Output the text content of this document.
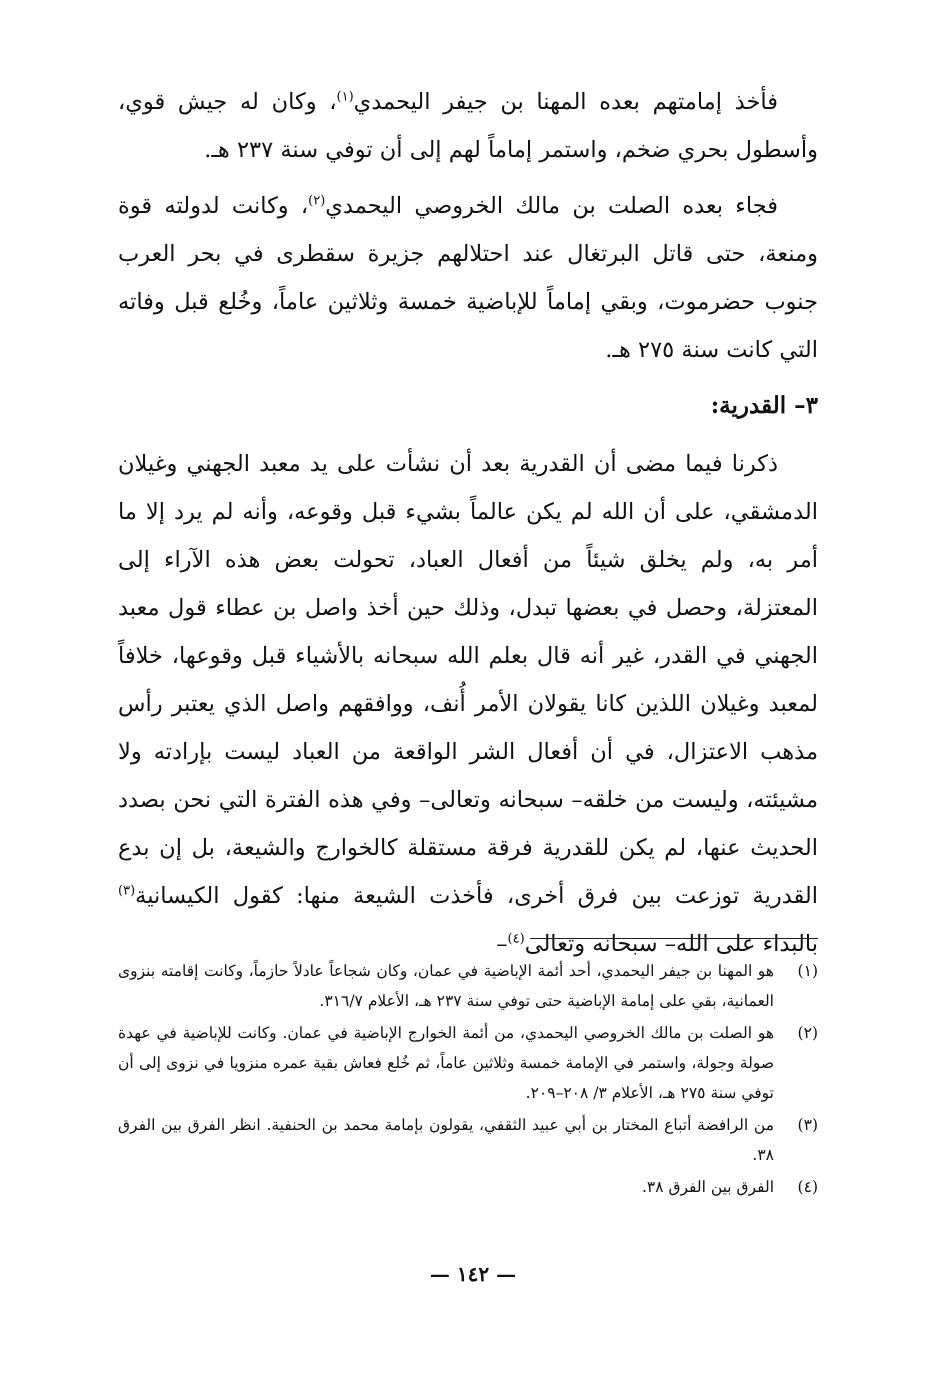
فأخذ إمامتهم بعده المهنا بن جيفر اليحمدي$^{(١)}$، وكان له جيش قوي، وأسطول بحري ضخم، واستمر إماماً لهم إلى أن توفي سنة ٢٣٧ هـ.

فجاء بعده الصلت بن مالك الخروصي اليحمدي$^{(٢)}$، وكانت لدولته قوة ومنعة، حتى قاتل البرتغال عند احتلالهم جزيرة سقطرى في بحر العرب جنوب حضرموت، وبقي إماماً للإباضية خمسة وثلاثين عاماً، وخُلع قبل وفاته التي كانت سنة ٢٧٥ هـ.

٣– القدرية:

ذكرنا فيما مضى أن القدرية بعد أن نشأت على يد معبد الجهني وغيلان الدمشقي، على أن الله لم يكن عالماً بشيء قبل وقوعه، وأنه لم يرد إلا ما أمر به، ولم يخلق شيئاً من أفعال العباد، تحولت بعض هذه الآراء إلى المعتزلة، وحصل في بعضها تبدل، وذلك حين أخذ واصل بن عطاء قول معبد الجهني في القدر، غير أنه قال بعلم الله سبحانه بالأشياء قبل وقوعها، خلافاً لمعبد وغيلان اللذين كانا يقولان الأمر أُنف، ووافقهم واصل الذي يعتبر رأس مذهب الاعتزال، في أن أفعال الشر الواقعة من العباد ليست بإرادته ولا مشيئته، وليست من خلقه– سبحانه وتعالى– وفي هذه الفترة التي نحن بصدد الحديث عنها، لم يكن للقدرية فرقة مستقلة كالخوارج والشيعة، بل إن بدع القدرية توزعت بين فرق أخرى، فأخذت الشيعة منها: كقول الكيسانية$^{(٣)}$ بالبداء على الله– سبحانه وتعالى$^{(٤)}$–

(١)
هو المهنا بن جيفر اليحمدي، أحد أئمة الإباضية في عمان، وكان شجاعاً عادلاً حازماً، وكانت إقامته بنزوى العمانية، بقي على إمامة الإباضية حتى توفي سنة ٢٣٧ هـ، الأعلام ٣١٦/٧.
(٢)
هو الصلت بن مالك الخروصي اليحمدي، من أئمة الخوارج الإباضية في عمان. وكانت للإباضية في عهدة صولة وجولة، واستمر في الإمامة خمسة وثلاثين عاماً، ثم خُلع فعاش بقية عمره منزويا في نزوى إلى أن توفي سنة ٢٧٥ هـ، الأعلام ٣/ ٢٠٨–٢٠٩.
(٣)
من الرافضة أتباع المختار بن أبي عبيد الثقفي، يقولون بإمامة محمد بن الحنفية. انظر الفرق بين الفرق ٣٨.
(٤)
الفرق بين الفرق ٣٨.
— ١٤٢ —
